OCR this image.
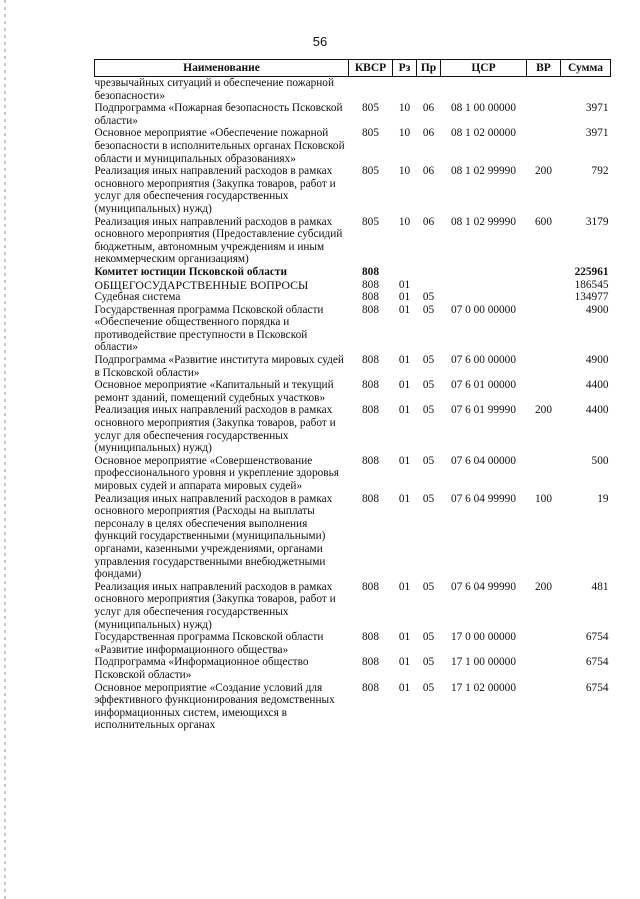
56
Наименование	КВСР	Рз	Пр	ЦСР	ВР	Сумма
чрезвычайных ситуаций и обеспечение пожарной безопасности»						
Подпрограмма «Пожарная безопасность Псковской области»	805	10	06	08 1 00 00000		3971
Основное мероприятие «Обеспечение пожарной безопасности в исполнительных органах Псковской области и муниципальных образованиях»	805	10	06	08 1 02 00000		3971
Реализация иных направлений расходов в рамках основного мероприятия (Закупка товаров, работ и услуг для обеспечения государственных (муниципальных) нужд)	805	10	06	08 1 02 99990	200	792
Реализация иных направлений расходов в рамках основного мероприятия (Предоставление субсидий бюджетным, автономным учреждениям и иным некоммерческим организациям)	805	10	06	08 1 02 99990	600	3179
Комитет юстиции Псковской области	808					225961
ОБЩЕГОСУДАРСТВЕННЫЕ ВОПРОСЫ	808	01				186545
Судебная система	808	01	05			134977
Государственная программа Псковской области «Обеспечение общественного порядка и противодействие преступности в Псковской области»	808	01	05	07 0 00 00000		4900
Подпрограмма «Развитие института мировых судей в Псковской области»	808	01	05	07 6 00 00000		4900
Основное мероприятие «Капитальный и текущий ремонт зданий, помещений судебных участков»	808	01	05	07 6 01 00000		4400
Реализация иных направлений расходов в рамках основного мероприятия (Закупка товаров, работ и услуг для обеспечения государственных (муниципальных) нужд)	808	01	05	07 6 01 99990	200	4400
Основное мероприятие «Совершенствование профессионального уровня и укрепление здоровья мировых судей и аппарата мировых судей»	808	01	05	07 6 04 00000		500
Реализация иных направлений расходов в рамках основного мероприятия (Расходы на выплаты персоналу в целях обеспечения выполнения функций государственными (муниципальными) органами, казенными учреждениями, органами управления государственными внебюджетными фондами)	808	01	05	07 6 04 99990	100	19
Реализация иных направлений расходов в рамках основного мероприятия (Закупка товаров, работ и услуг для обеспечения государственных (муниципальных) нужд)	808	01	05	07 6 04 99990	200	481
Государственная программа Псковской области «Развитие информационного общества»	808	01	05	17 0 00 00000		6754
Подпрограмма «Информационное общество Псковской области»	808	01	05	17 1 00 00000		6754
Основное мероприятие «Создание условий для эффективного функционирования ведомственных информационных систем, имеющихся в исполнительных органах	808	01	05	17 1 02 00000		6754
